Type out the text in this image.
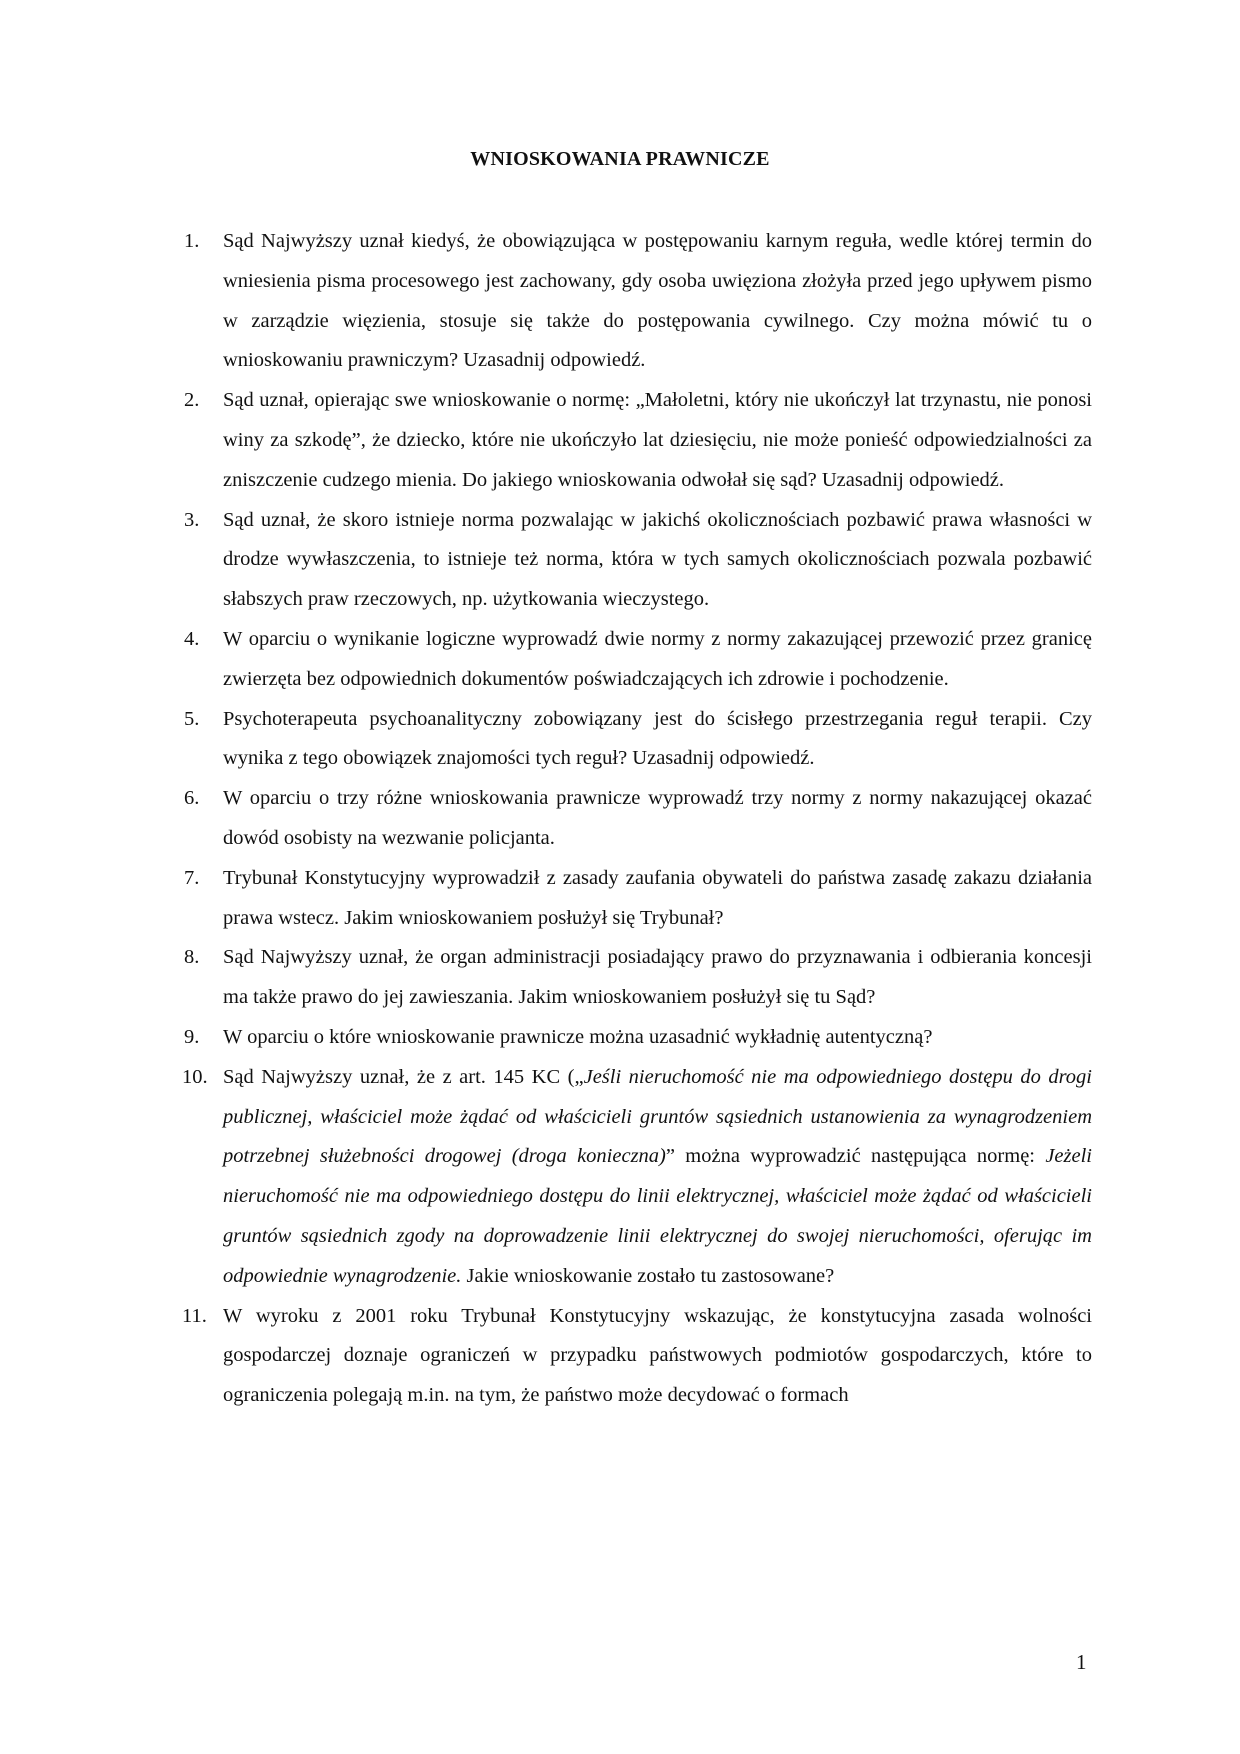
WNIOSKOWANIA PRAWNICZE
1. Sąd Najwyższy uznał kiedyś, że obowiązująca w postępowaniu karnym reguła, wedle której termin do wniesienia pisma procesowego jest zachowany, gdy osoba uwięziona złożyła przed jego upływem pismo w zarządzie więzienia, stosuje się także do postępowania cywilnego. Czy można mówić tu o wnioskowaniu prawniczym? Uzasadnij odpowiedź.
2. Sąd uznał, opierając swe wnioskowanie o normę: „Małoletni, który nie ukończył lat trzynastu, nie ponosi winy za szkodę”, że dziecko, które nie ukończyło lat dziesięciu, nie może ponieść odpowiedzialności za zniszczenie cudzego mienia. Do jakiego wnioskowania odwołał się sąd? Uzasadnij odpowiedź.
3. Sąd uznał, że skoro istnieje norma pozwalając w jakichś okolicznościach pozbawić prawa własności w drodze wywłaszczenia, to istnieje też norma, która w tych samych okolicznościach pozwala pozbawić słabszych praw rzeczowych, np. użytkowania wieczystego.
4. W oparciu o wynikanie logiczne wyprowadź dwie normy z normy zakazującej przewozić przez granicę zwierzęta bez odpowiednich dokumentów poświadczających ich zdrowie i pochodzenie.
5. Psychoterapeuta psychoanalityczny zobowiązany jest do ścisłego przestrzegania reguł terapii. Czy wynika z tego obowiązek znajomości tych reguł? Uzasadnij odpowiedź.
6. W oparciu o trzy różne wnioskowania prawnicze wyprowadź trzy normy z normy nakazującej okazać dowód osobisty na wezwanie policjanta.
7. Trybunał Konstytucyjny wyprowadził z zasady zaufania obywateli do państwa zasadę zakazu działania prawa wstecz. Jakim wnioskowaniem posłużył się Trybunał?
8. Sąd Najwyższy uznał, że organ administracji posiadający prawo do przyznawania i odbierania koncesji ma także prawo do jej zawieszania. Jakim wnioskowaniem posłużył się tu Sąd?
9. W oparciu o które wnioskowanie prawnicze można uzasadnić wykładnię autentyczną?
10. Sąd Najwyższy uznał, że z art. 145 KC („Jeśli nieruchomość nie ma odpowiedniego dostępu do drogi publicznej, właściciel może żądać od właścicieli gruntów sąsiednich ustanowienia za wynagrodzeniem potrzebnej służebności drogowej (droga konieczna)” można wyprowadzić następująca normę: Jeżeli nieruchomość nie ma odpowiedniego dostępu do linii elektrycznej, właściciel może żądać od właścicieli gruntów sąsiednich zgody na doprowadzenie linii elektrycznej do swojej nieruchomości, oferując im odpowiednie wynagrodzenie. Jakie wnioskowanie zostało tu zastosowane?
11. W wyroku z 2001 roku Trybunał Konstytucyjny wskazując, że konstytucyjna zasada wolności gospodarczej doznaje ograniczeń w przypadku państwowych podmiotów gospodarczych, które to ograniczenia polegają m.in. na tym, że państwo może decydować o formach
1
